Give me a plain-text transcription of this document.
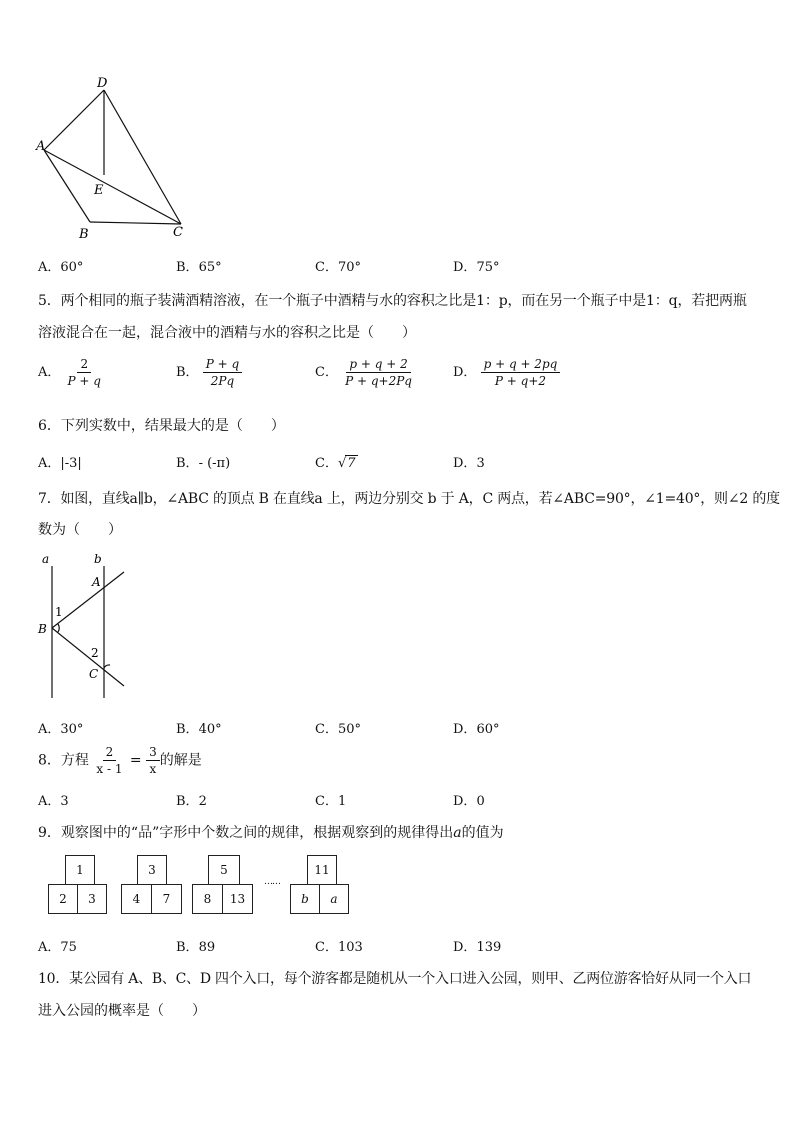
D
A
E
B	C
A．60°	B．65°	C．70°	D．75°
5．两个相同的瓶子装满酒精溶液，在一个瓶子中酒精与水的容积之比是1：p，而在另一个瓶子中是1：q，若把两瓶
溶液混合在一起，混合液中的酒精与水的容积之比是（　　）
A． $\frac{2}{P + q}$	B． $\frac{P + q}{2Pq}$	C． $\frac{p + q + 2}{P + q+2Pq}$	D． $\frac{p + q + 2pq}{P + q+2}$
6．下列实数中，结果最大的是（　　）
A．|-3|	B．- (-π)	C．√7	D．3
7．如图，直线a∥b，∠ABC 的顶点 B 在直线a 上，两边分别交 b 于 A，C 两点，若∠ABC=90°，∠1=40°，则∠2 的度
数为（　　）
a	b
A
1
B
2
C
A．30°	B．40°	C．50°	D．60°
8．方程 $\frac{2}{x - 1} = \frac{3}{x}$ 的解是
A．3	B．2	C．1	D．0
9．观察图中的“品”字形中个数之间的规律，根据观察到的规律得出a的值为
1
2	3
3
4	7
5
8	13
……
11
b	a
A．75	B．89	C．103	D．139
10．某公园有 A、B、C、D 四个入口，每个游客都是随机从一个入口进入公园，则甲、乙两位游客恰好从同一个入口
进入公园的概率是（　　）
